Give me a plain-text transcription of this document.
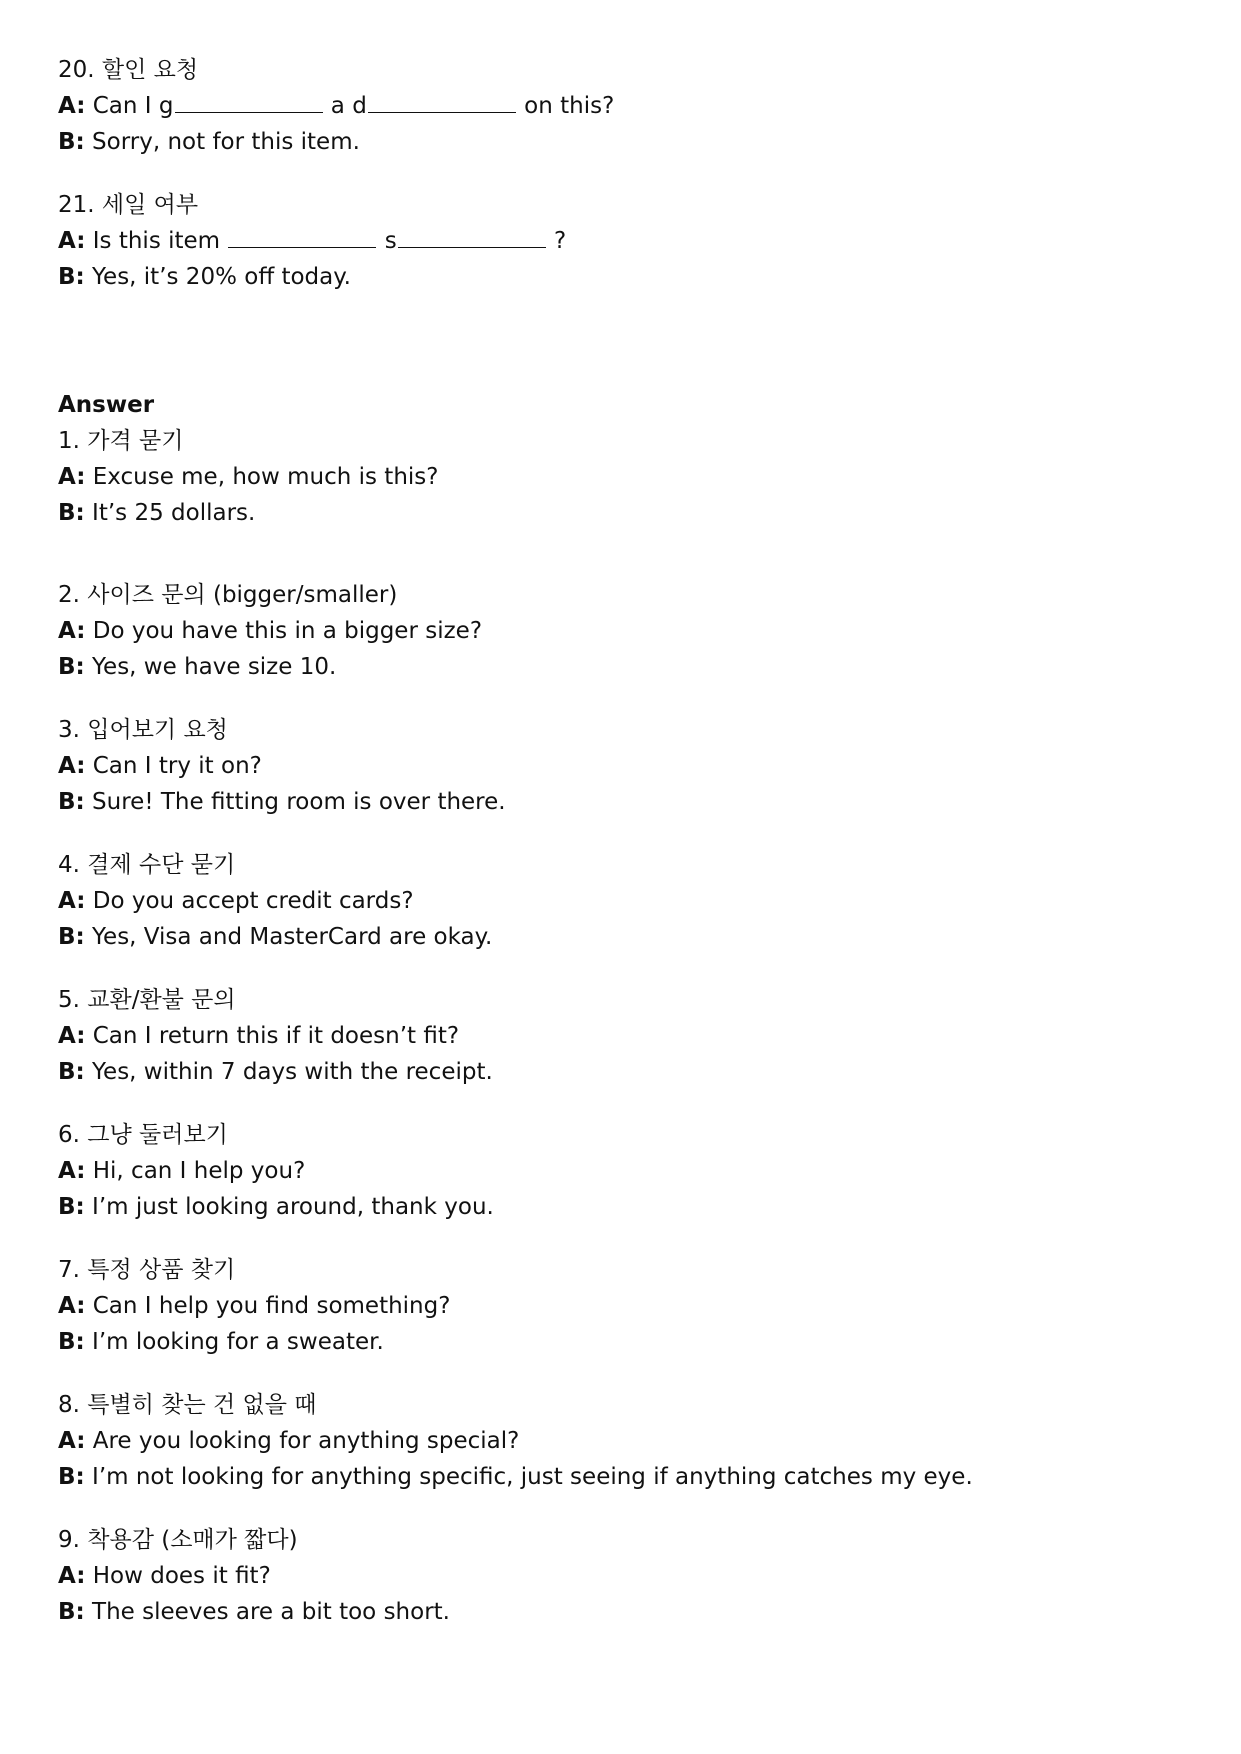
20. 할인 요청
A: Can I g	a d	on this?
B: Sorry, not for this item.
21. 세일 여부
A: Is this item	s	?
B: Yes, it’s 20% off today.
Answer
1. 가격 묻기
A: Excuse me, how much is this?
B: It’s 25 dollars.
2. 사이즈 문의 (bigger/smaller)
A: Do you have this in a bigger size?
B: Yes, we have size 10.
3. 입어보기 요청
A: Can I try it on?
B: Sure! The fitting room is over there.
4. 결제 수단 묻기
A: Do you accept credit cards?
B: Yes, Visa and MasterCard are okay.
5. 교환/환불 문의
A: Can I return this if it doesn’t fit?
B: Yes, within 7 days with the receipt.
6. 그냥 둘러보기
A: Hi, can I help you?
B: I’m just looking around, thank you.
7. 특정 상품 찾기
A: Can I help you find something?
B: I’m looking for a sweater.
8. 특별히 찾는 건 없을 때
A: Are you looking for anything special?
B: I’m not looking for anything specific, just seeing if anything catches my eye.
9. 착용감 (소매가 짧다)
A: How does it fit?
B: The sleeves are a bit too short.
